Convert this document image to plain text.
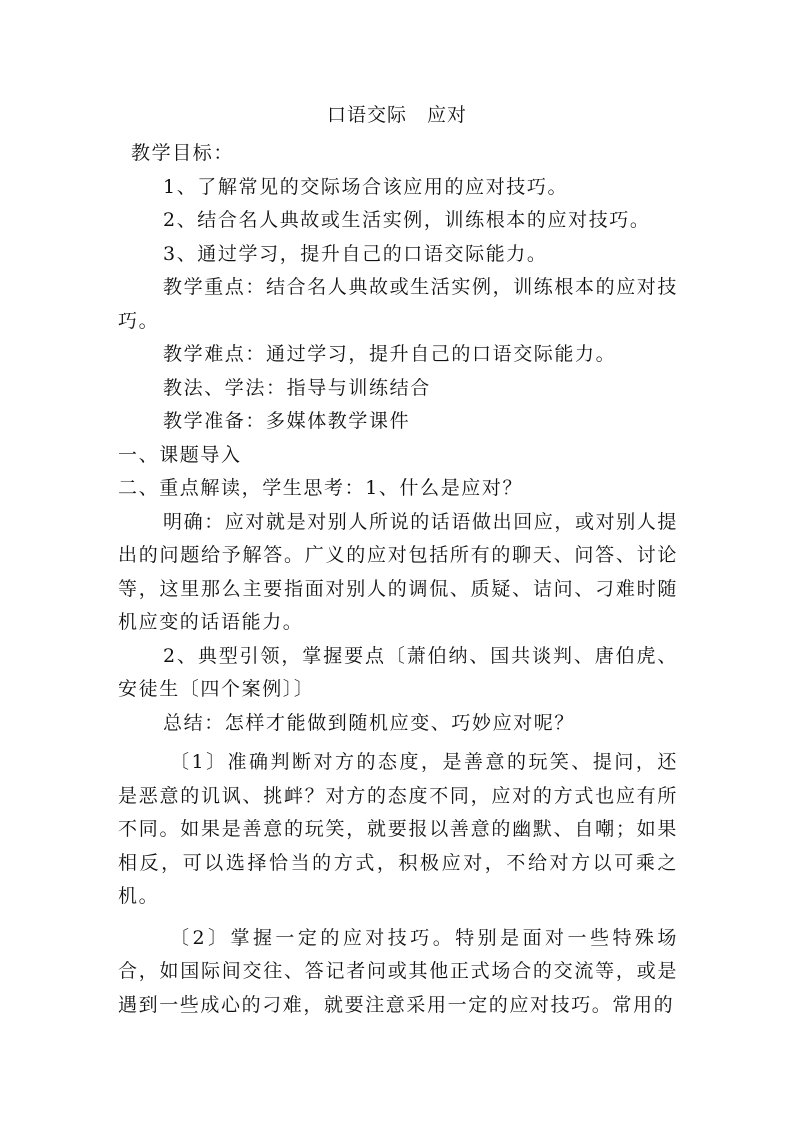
口语交际　应对

教学目标：

1、了解常见的交际场合该应用的应对技巧。

2、结合名人典故或生活实例，训练根本的应对技巧。

3、通过学习，提升自己的口语交际能力。

教学重点：结合名人典故或生活实例，训练根本的应对技巧。

教学难点：通过学习，提升自己的口语交际能力。

教法、学法：指导与训练结合

教学准备：多媒体教学课件

一、课题导入

二、重点解读，学生思考：1、什么是应对？

明确：应对就是对别人所说的话语做出回应，或对别人提出的问题给予解答。广义的应对包括所有的聊天、问答、讨论等，这里那么主要指面对别人的调侃、质疑、诘问、刁难时随机应变的话语能力。

2、典型引领，掌握要点〔萧伯纳、国共谈判、唐伯虎、安徒生〔四个案例〕〕

总结：怎样才能做到随机应变、巧妙应对呢？

〔1〕准确判断对方的态度，是善意的玩笑、提问，还是恶意的讥讽、挑衅？对方的态度不同，应对的方式也应有所不同。如果是善意的玩笑，就要报以善意的幽默、自嘲；如果相反，可以选择恰当的方式，积极应对，不给对方以可乘之机。

〔2〕掌握一定的应对技巧。特别是面对一些特殊场合，如国际间交往、答记者问或其他正式场合的交流等，或是遇到一些成心的刁难，就要注意采用一定的应对技巧。常用的
